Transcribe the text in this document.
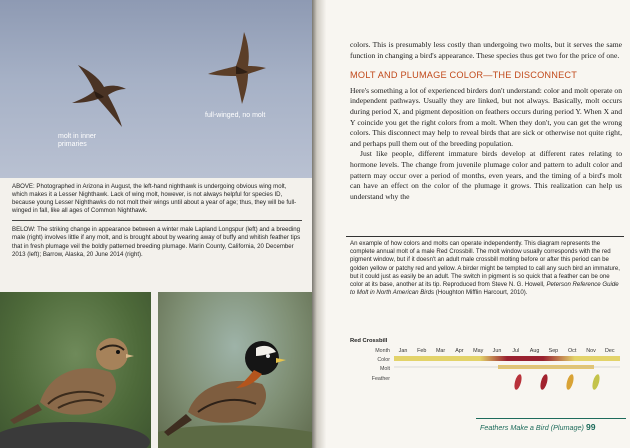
molt in inner primaries
full-winged, no molt

ABOVE: Photographed in Arizona in August, the left-hand nighthawk is undergoing obvious wing molt, which makes it a Lesser Nighthawk. Lack of wing molt, however, is not always helpful for species ID, because young Lesser Nighthawks do not molt their wings until about a year of age; thus, they will be full-winged in fall, like all ages of Common Nighthawk.

BELOW: The striking change in appearance between a winter male Lapland Longspur (left) and a breeding male (right) involves little if any molt, and is brought about by wearing away of buffy and whitish feather tips that in fresh plumage veil the boldly patterned breeding plumage. Marin County, California, 20 December 2013 (left); Barrow, Alaska, 20 June 2014 (right).

colors. This is presumably less costly than undergoing two molts, but it serves the same function in changing a bird's appearance. These species thus get two for the price of one.

MOLT AND PLUMAGE COLOR—THE DISCONNECT

Here's something a lot of experienced birders don't understand: color and molt operate on independent pathways. Usually they are linked, but not always. Basically, molt occurs during period X, and pigment deposition on feathers occurs during period Y. When X and Y coincide you get the right colors from a molt. When they don't, you can get the wrong colors. This disconnect may help to reveal birds that are sick or otherwise not quite right, and perhaps pull them out of the breeding population.

Just like people, different immature birds develop at different rates relating to hormone levels. The change from juvenile plumage color and pattern to adult color and pattern may occur over a period of months, even years, and the timing of a bird's molt can have an effect on the color of the plumage it grows. This realization can help us understand why the

An example of how colors and molts can operate independently. This diagram represents the complete annual molt of a male Red Crossbill. The molt window usually corresponds with the red pigment window, but if it doesn't an adult male crossbill molting before or after this period can be golden yellow or patchy red and yellow. A birder might be tempted to call any such bird an immature, but it could just as easily be an adult. The switch in pigment is so quick that a feather can be one color at its base, another at its tip. Reproduced from Steve N. G. Howell, Peterson Reference Guide to Molt in North American Birds (Houghton Mifflin Harcourt, 2010).
Red Crossbill
Month
Color
Molt
Feather
Jan	Feb	Mar	Apr	May	Jun	Jul	Aug	Sep	Oct	Nov	Dec
Feathers Make a Bird (Plumage) 99
